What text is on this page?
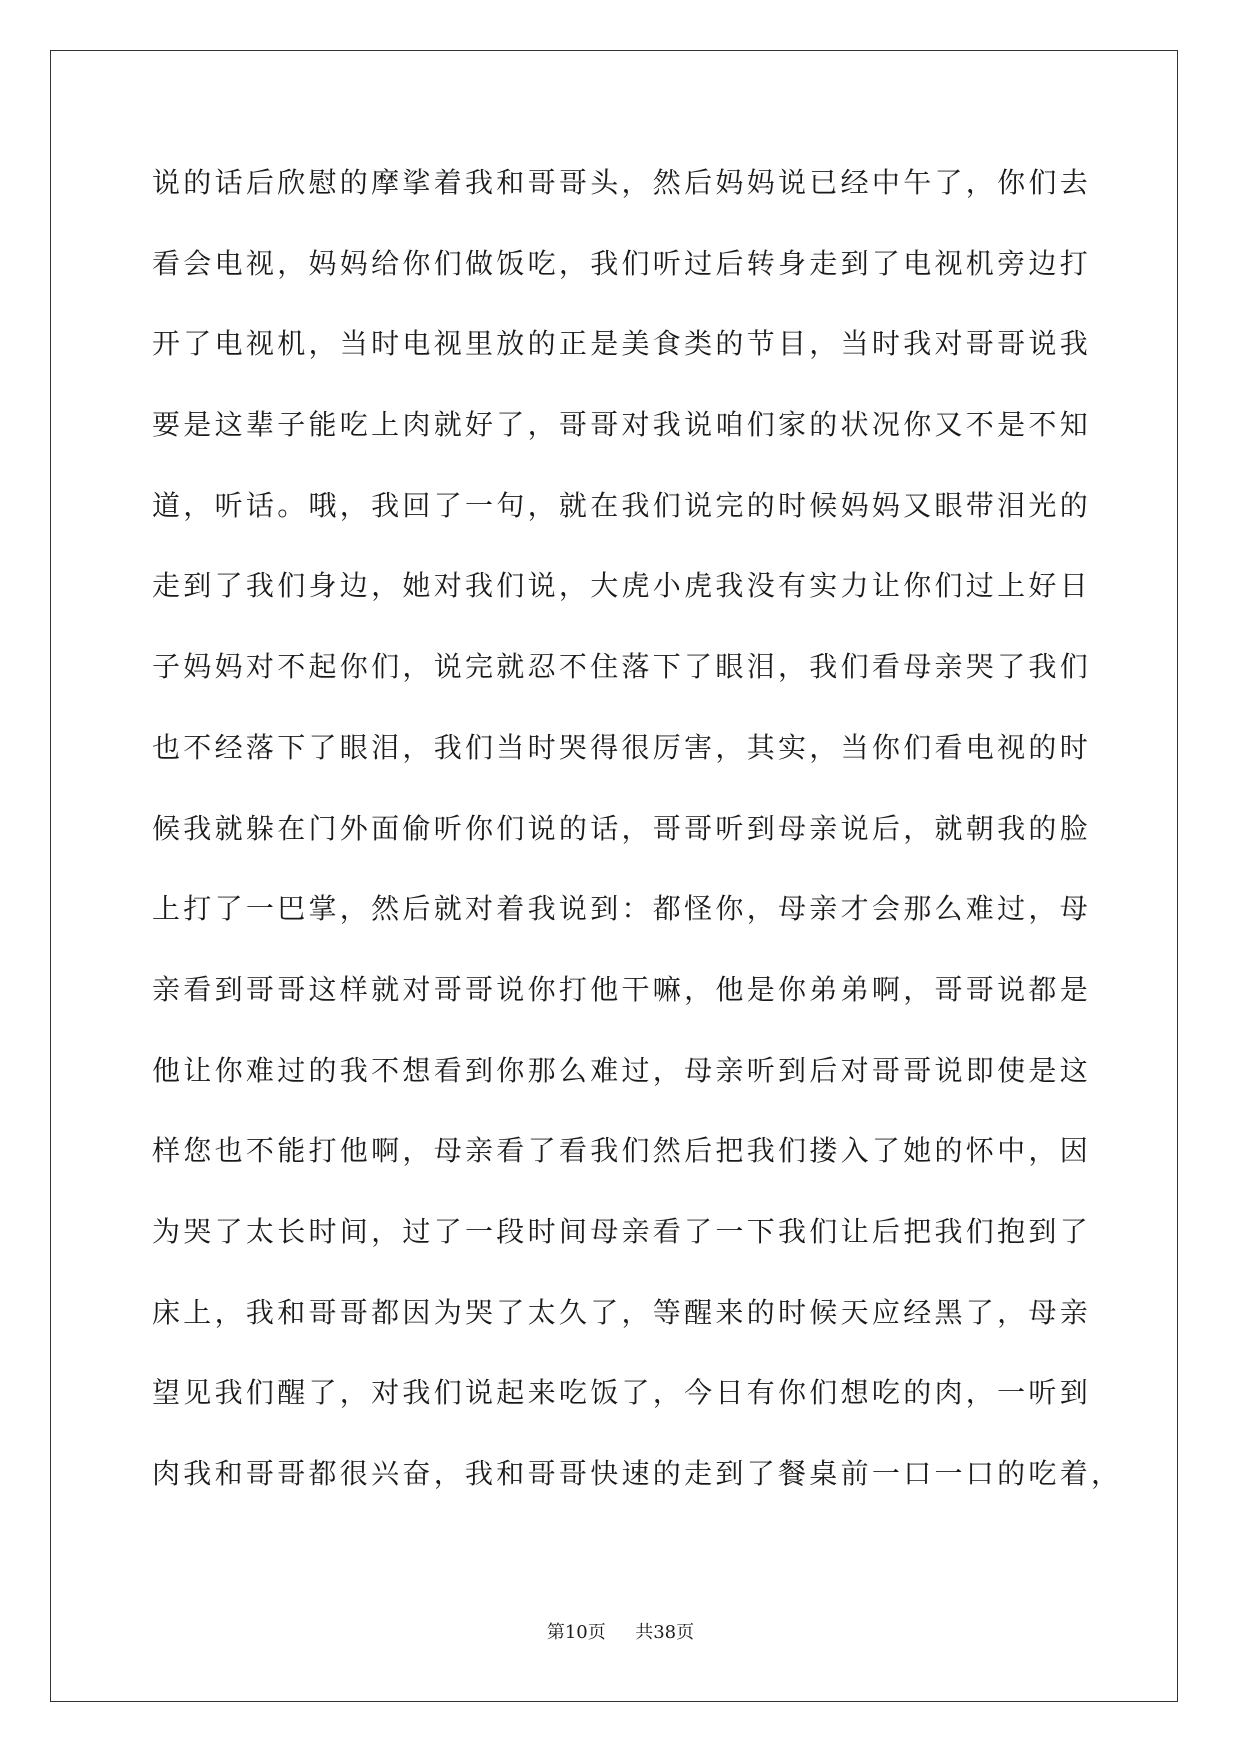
说的话后欣慰的摩挲着我和哥哥头，然后妈妈说已经中午了，你们去
看会电视，妈妈给你们做饭吃，我们听过后转身走到了电视机旁边打
开了电视机，当时电视里放的正是美食类的节目，当时我对哥哥说我
要是这辈子能吃上肉就好了，哥哥对我说咱们家的状况你又不是不知
道，听话。哦，我回了一句，就在我们说完的时候妈妈又眼带泪光的
走到了我们身边，她对我们说，大虎小虎我没有实力让你们过上好日
子妈妈对不起你们，说完就忍不住落下了眼泪，我们看母亲哭了我们
也不经落下了眼泪，我们当时哭得很厉害，其实，当你们看电视的时
候我就躲在门外面偷听你们说的话，哥哥听到母亲说后，就朝我的脸
上打了一巴掌，然后就对着我说到：都怪你，母亲才会那么难过，母
亲看到哥哥这样就对哥哥说你打他干嘛，他是你弟弟啊，哥哥说都是
他让你难过的我不想看到你那么难过，母亲听到后对哥哥说即使是这
样您也不能打他啊，母亲看了看我们然后把我们搂入了她的怀中，因
为哭了太长时间，过了一段时间母亲看了一下我们让后把我们抱到了
床上，我和哥哥都因为哭了太久了，等醒来的时候天应经黑了，母亲
望见我们醒了，对我们说起来吃饭了，今日有你们想吃的肉，一听到
肉我和哥哥都很兴奋，我和哥哥快速的走到了餐桌前一口一口的吃着，
第10页 共38页
